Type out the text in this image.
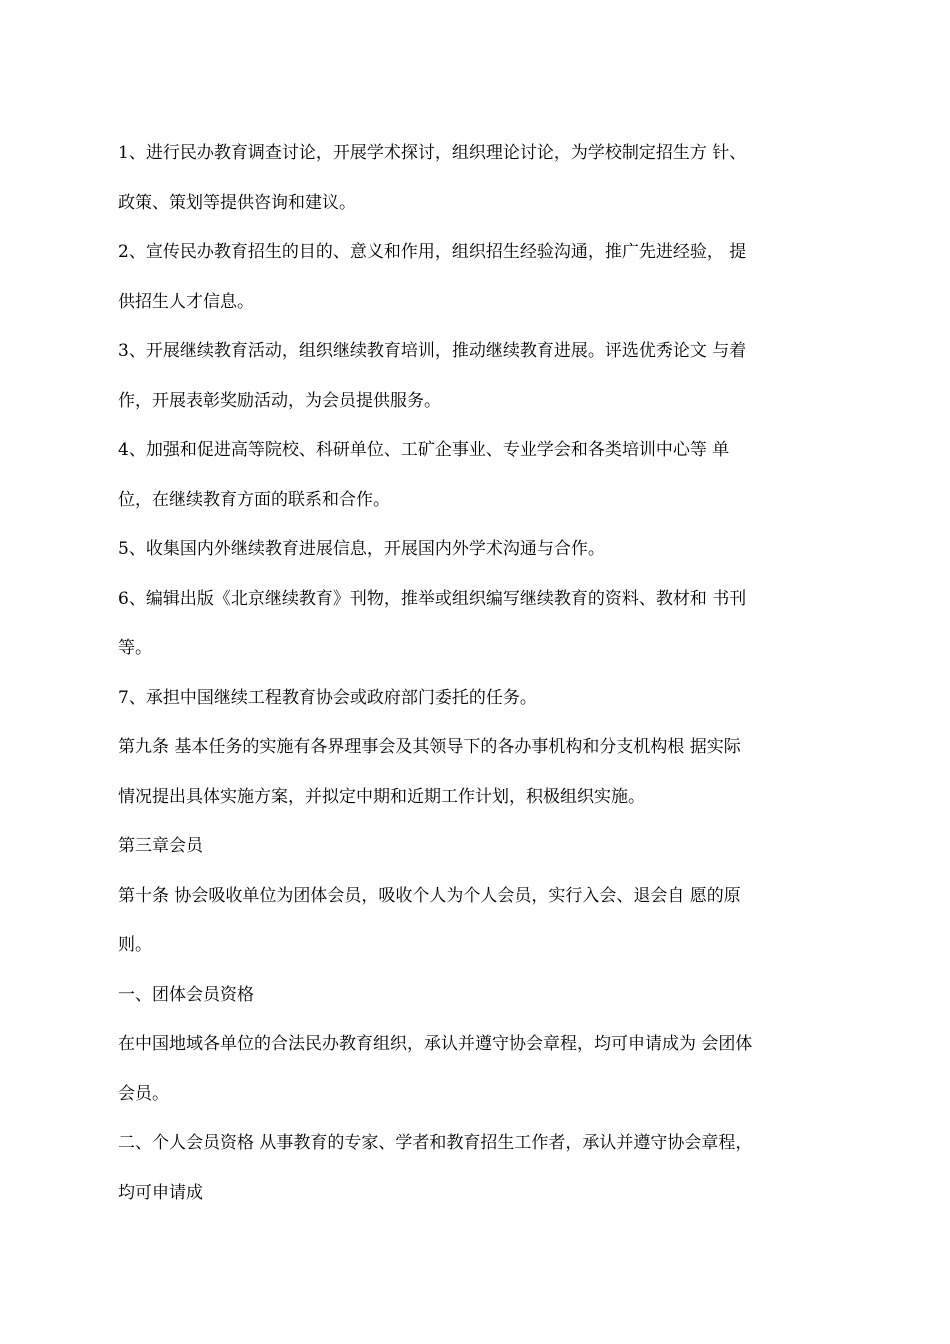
1、进行民办教育调查讨论，开展学术探讨，组织理论讨论，为学校制定招生方 针、
政策、策划等提供咨询和建议。
2、宣传民办教育招生的目的、意义和作用，组织招生经验沟通，推广先进经验， 提
供招生人才信息。
3、开展继续教育活动，组织继续教育培训，推动继续教育进展。评选优秀论文 与着
作，开展表彰奖励活动，为会员提供服务。
4、加强和促进高等院校、科研单位、工矿企事业、专业学会和各类培训中心等 单
位，在继续教育方面的联系和合作。
5、收集国内外继续教育进展信息，开展国内外学术沟通与合作。
6、编辑出版《北京继续教育》刊物，推举或组织编写继续教育的资料、教材和 书刊
等。
7、承担中国继续工程教育协会或政府部门委托的任务。
第九条 基本任务的实施有各界理事会及其领导下的各办事机构和分支机构根 据实际
情况提出具体实施方案，并拟定中期和近期工作计划，积极组织实施。
第三章会员
第十条 协会吸收单位为团体会员，吸收个人为个人会员，实行入会、退会自 愿的原
则。
一、团体会员资格
在中国地域各单位的合法民办教育组织，承认并遵守协会章程，均可申请成为 会团体
会员。
二、个人会员资格 从事教育的专家、学者和教育招生工作者，承认并遵守协会章程，
均可申请成
